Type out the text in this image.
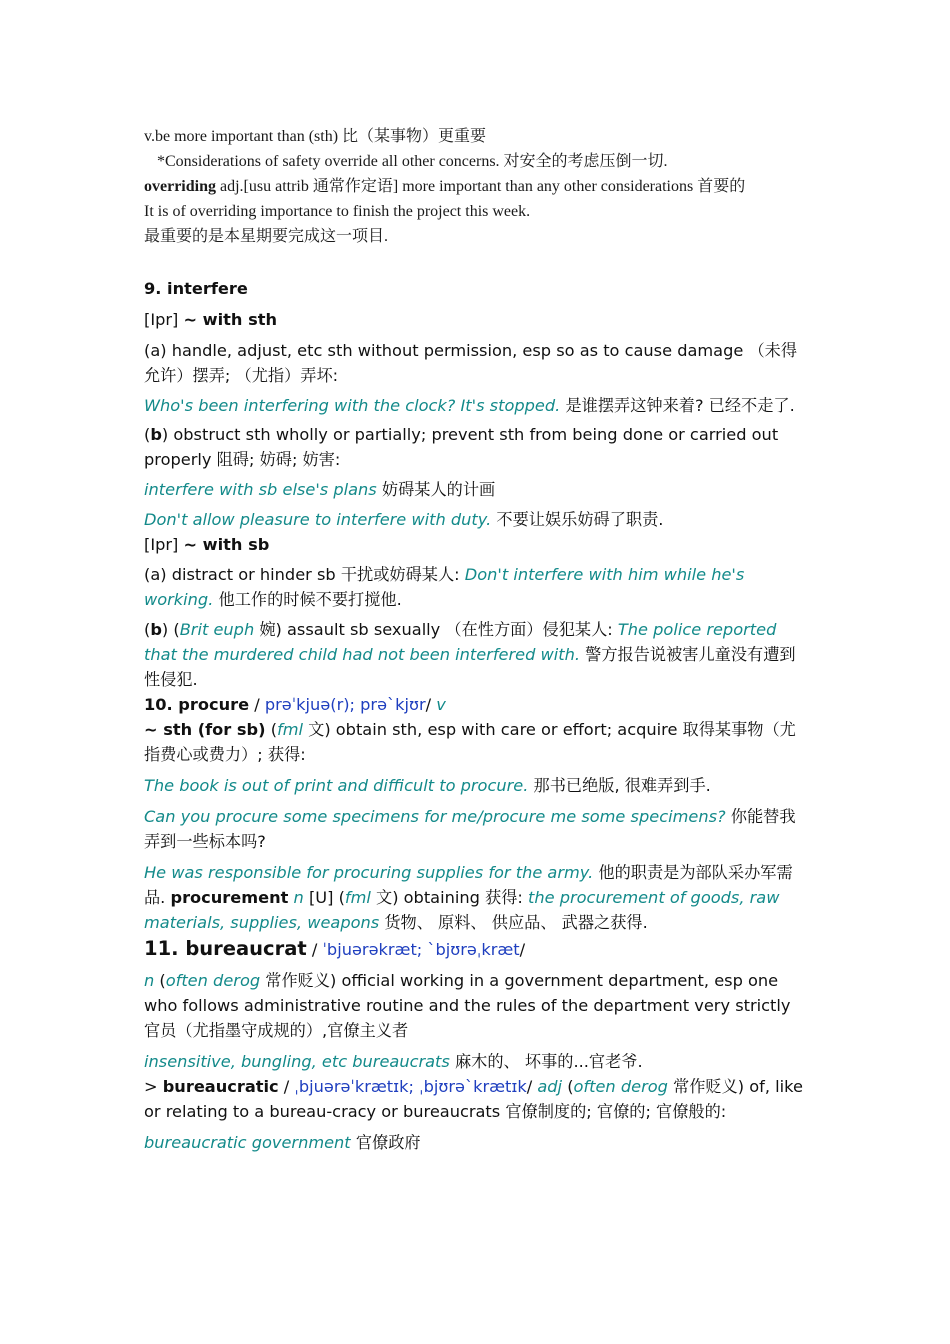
v.be more important than (sth) 比（某事物）更重要
*Considerations of safety override all other concerns. 对安全的考虑压倒一切.
overriding adj.[usu attrib 通常作定语] more important than any other considerations 首要的
It is of overriding importance to finish the project this week.
最重要的是本星期要完成这一项目.
9. interfere
[Ipr] ~ with sth
(a) handle, adjust, etc sth without permission, esp so as to cause damage （未得允许）摆弄; （尤指）弄坏:
Who's been interfering with the clock? It's stopped. 是谁摆弄这钟来着? 已经不走了.
(b) obstruct sth wholly or partially; prevent sth from being done or carried out properly 阻碍; 妨碍; 妨害:
interfere with sb else's plans 妨碍某人的计画
Don't allow pleasure to interfere with duty. 不要让娱乐妨碍了职责.
[Ipr] ~ with sb
(a) distract or hinder sb 干扰或妨碍某人: Don't interfere with him while he's working. 他工作的时候不要打搅他.
(b) (Brit euph 婉) assault sb sexually （在性方面）侵犯某人: The police reported that the murdered child had not been interfered with. 警方报告说被害儿童没有遭到性侵犯.
10. procure / prəˈkjuə(r); prə`kjʊr/ v
~ sth (for sb) (fml 文) obtain sth, esp with care or effort; acquire 取得某事物（尤指费心或费力）; 获得:
The book is out of print and difficult to procure. 那书已绝版, 很难弄到手.
Can you procure some specimens for me/procure me some specimens? 你能替我弄到一些标本吗?
He was responsible for procuring supplies for the army. 他的职责是为部队采办军需品. procurement n [U] (fml 文) obtaining 获得: the procurement of goods, raw materials, supplies, weapons 货物、 原料、 供应品、 武器之获得.
11. bureaucrat / ˈbjuərəkræt; `bjʊrəˌkræt/
n (often derog 常作贬义) official working in a government department, esp one who follows administrative routine and the rules of the department very strictly 官员（尤指墨守成规的）,官僚主义者
insensitive, bungling, etc bureaucrats 麻木的、 坏事的...官老爷.
> bureaucratic / ˌbjuərəˈkrætɪk; ˌbjʊrə`krætɪk/ adj (often derog 常作贬义) of, like or relating to a bureau-cracy or bureaucrats 官僚制度的; 官僚的; 官僚般的:
bureaucratic government 官僚政府
